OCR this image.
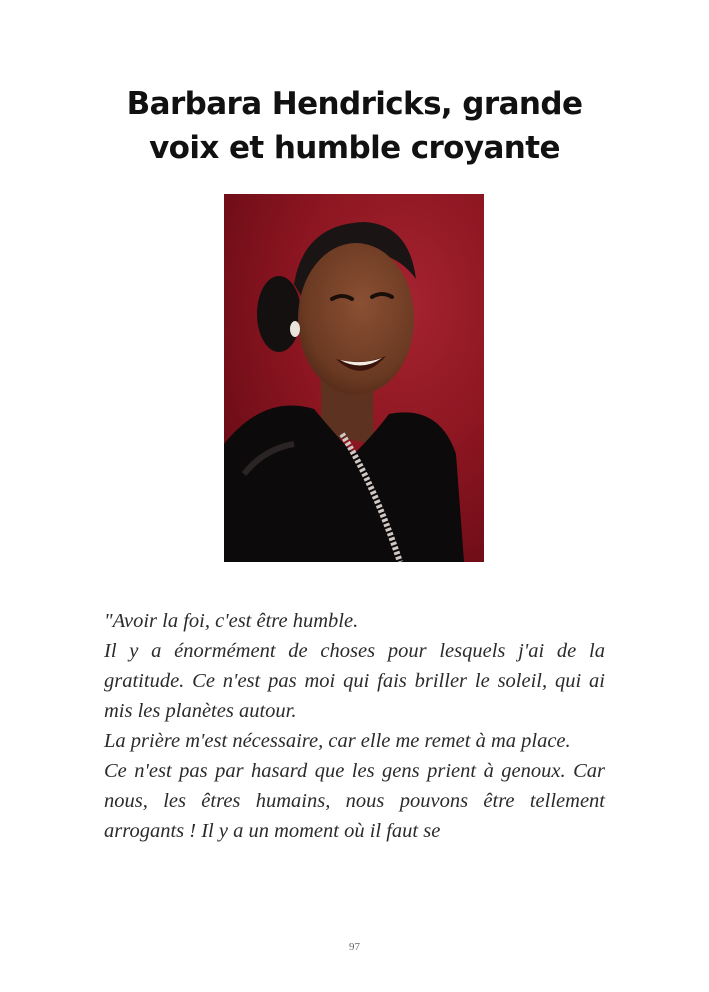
Barbara Hendricks, grande
voix et humble croyante

"Avoir la foi, c'est être humble.

Il y a énormément de choses pour lesquels j'ai de la gratitude. Ce n'est pas moi qui fais briller le soleil, qui ai mis les planètes autour.

La prière m'est nécessaire, car elle me remet à ma place.

Ce n'est pas par hasard que les gens prient à genoux. Car nous, les êtres humains, nous pouvons être tellement arrogants ! Il y a un moment où il faut se

97
